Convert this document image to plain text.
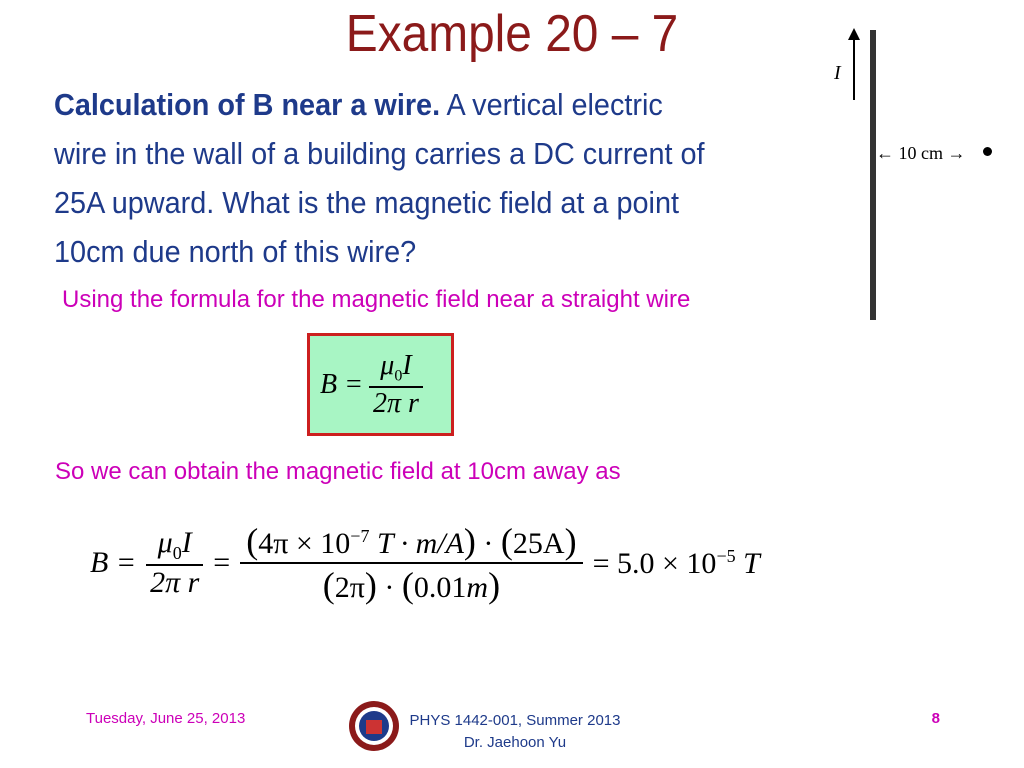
Example 20 – 7
Calculation of B near a wire. A vertical electric wire in the wall of a building carries a DC current of 25A upward. What is the magnetic field at a point 10cm due north of this wire?
Using the formula for the magnetic field near a straight wire
I
← 10 cm →
$B = \frac{\mu_0I}{\text{2π r}}$
So we can obtain the magnetic field at 10cm away as
$B = \frac{\mu_0I}{\text{2π r}} = \frac{(4\pi \times 10^{-7} T \cdot m/A) \cdot (25A)}{(2\pi) \cdot (0.01m)} = 5.0 \times 10^{-5}$ T
Tuesday, June 25, 2013	PHYS 1442-001, Summer 2013
Dr. Jaehoon Yu
8
